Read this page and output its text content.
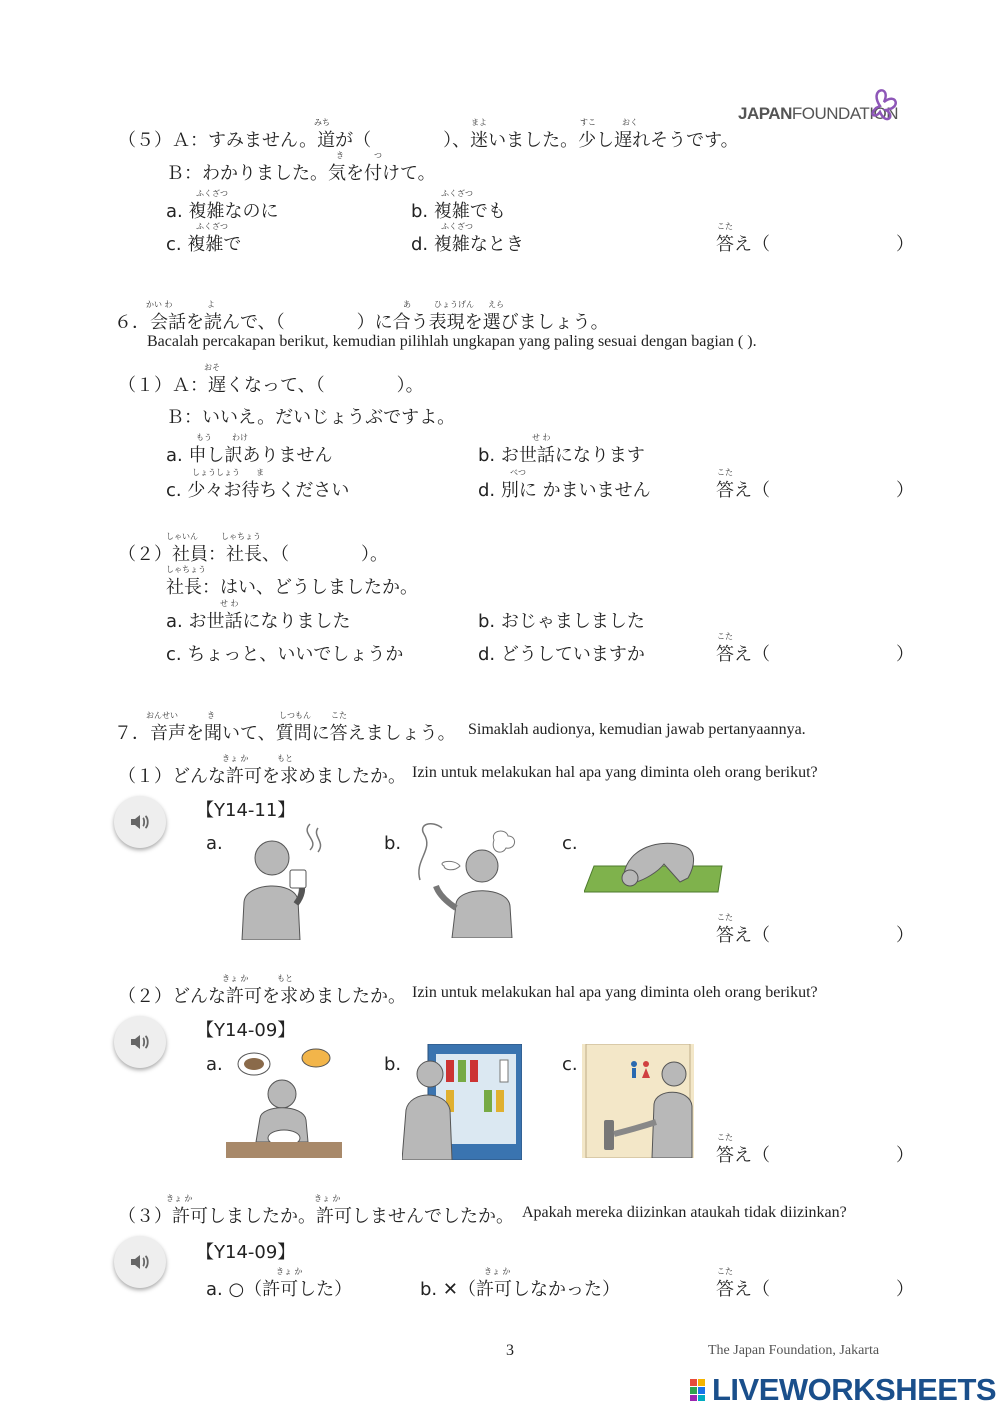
JAPANFOUNDATION
みち	まよ	すこ	おく
（５）Ａ：すみません。道が（　　　　）、迷いました。少し遅れそうです。
き	つ
Ｂ：わかりました。気を付けて。
ふくざつ	ふくざつ
a. 複雑なのに	b. 複雑でも
ふくざつ	ふくざつ
c. 複雑で	d. 複雑なとき
こた
答え（　　　　　　　）
かい わ	よ	あ	ひょうげん えら
６．会話を読んで、（　　　　）に合う表現を選びましょう。
Bacalah percakapan berikut, kemudian pilihlah ungkapan yang paling sesuai dengan bagian ( ).
おそ
（１）Ａ：遅くなって、（　　　　）。
Ｂ：いいえ。だいじょうぶですよ。
もう	わけ	せ わ
a. 申し訳ありません	b. お世話になります
しょうしょう ま	べつ
c. 少々お待ちください	d. 別に かまいません
こた
答え（　　　　　　　）
しゃいん	しゃちょう
（２）社員：社長、（　　　　）。
しゃちょう
社長：はい、どうしましたか。
せ わ
a. お世話になりました	b. おじゃましました
c. ちょっと、いいでしょうか	d. どうしていますか
こた
答え（　　　　　　　）
おんせい	き	しつもん	こた
７．音声を聞いて、質問に答えましょう。 Simaklah audionya, kemudian jawab pertanyaannya.
きょ か	もと
（１）どんな許可を求めましたか。 Izin untuk melakukan hal apa yang diminta oleh orang berikut?
【Y14-11】
a.	b.	c.
こた
答え（　　　　　　　）
きょ か	もと
（２）どんな許可を求めましたか。 Izin untuk melakukan hal apa yang diminta oleh orang berikut?
【Y14-09】
a.	b.	c.
こた
答え（　　　　　　　）
きょ か	きょ か
（３）許可しましたか。許可しませんでしたか。 Apakah mereka diizinkan ataukah tidak diizinkan?
【Y14-09】
きょ か	きょ か
a. ○（許可した）	b. ✕（許可しなかった）
こた
答え（　　　　　　　）
3	The Japan Foundation, Jakarta
LIVEWORKSHEETS
